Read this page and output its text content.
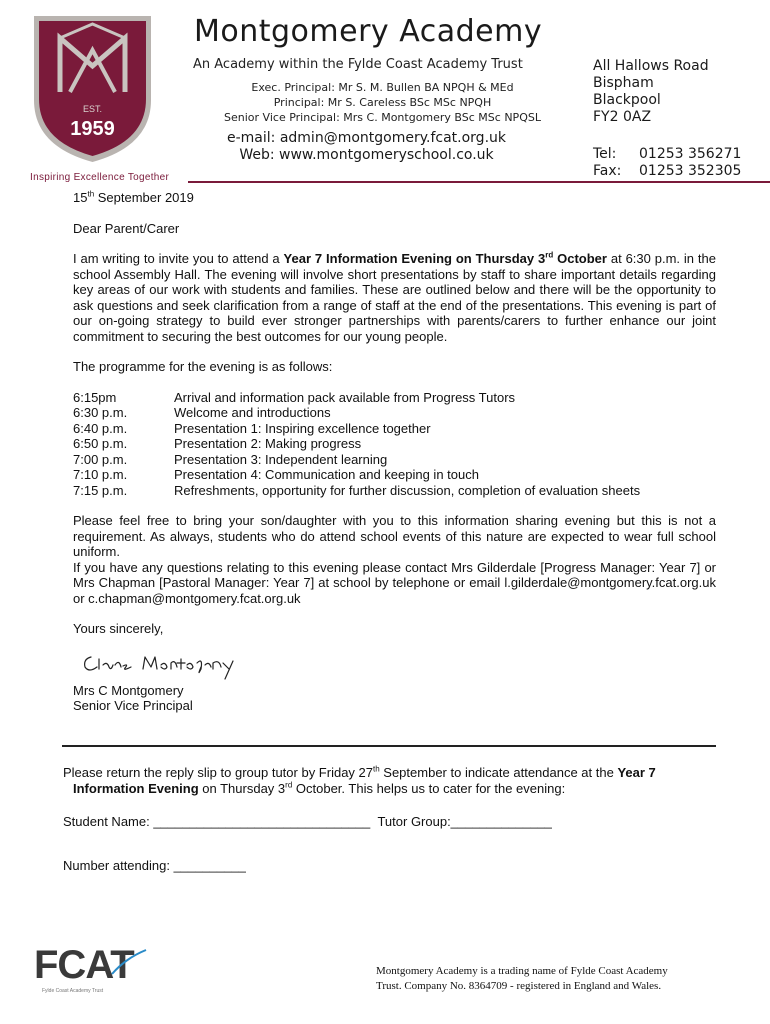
EST.
1959
Inspiring Excellence Together
Montgomery Academy
An Academy within the Fylde Coast Academy Trust
Exec. Principal: Mr S. M. Bullen BA NPQH & MEd
Principal: Mr S. Careless BSc MSc NPQH
Senior Vice Principal: Mrs C. Montgomery BSc MSc NPQSL
e-mail: admin@montgomery.fcat.org.uk
Web: www.montgomeryschool.co.uk
All Hallows Road
Bispham
Blackpool
FY2 0AZ
Tel: 01253 356271
Fax: 01253 352305

15th September 2019

Dear Parent/Carer

I am writing to invite you to attend a Year 7 Information Evening on Thursday 3rd October at 6:30 p.m. in the school Assembly Hall. The evening will involve short presentations by staff to share important details regarding key areas of our work with students and families. These are outlined below and there will be the opportunity to ask questions and seek clarification from a range of staff at the end of the presentations. This evening is part of our on-going strategy to build ever stronger partnerships with parents/carers to further enhance our joint commitment to securing the best outcomes for our young people.

The programme for the evening is as follows:

6:15pm	Arrival and information pack available from Progress Tutors
6:30 p.m.	Welcome and introductions
6:40 p.m.	Presentation 1: Inspiring excellence together
6:50 p.m.	Presentation 2: Making progress
7:00 p.m.	Presentation 3: Independent learning
7:10 p.m.	Presentation 4: Communication and keeping in touch
7:15 p.m.	Refreshments, opportunity for further discussion, completion of evaluation sheets

Please feel free to bring your son/daughter with you to this information sharing evening but this is not a requirement. As always, students who do attend school events of this nature are expected to wear full school uniform.

If you have any questions relating to this evening please contact Mrs Gilderdale [Progress Manager: Year 7] or Mrs Chapman [Pastoral Manager: Year 7] at school by telephone or email l.gilderdale@montgomery.fcat.org.uk or c.chapman@montgomery.fcat.org.uk

Yours sincerely,

Mrs C Montgomery

Senior Vice Principal

Please return the reply slip to group tutor by Friday 27th September to indicate attendance at the Year 7

Information Evening on Thursday 3rd October. This helps us to cater for the evening:

Student Name: ______________________________ Tutor Group:______________
Number attending: __________
FCAT
Fylde Coast Academy Trust
Montgomery Academy is a trading name of Fylde Coast Academy
Trust. Company No. 8364709 - registered in England and Wales.
